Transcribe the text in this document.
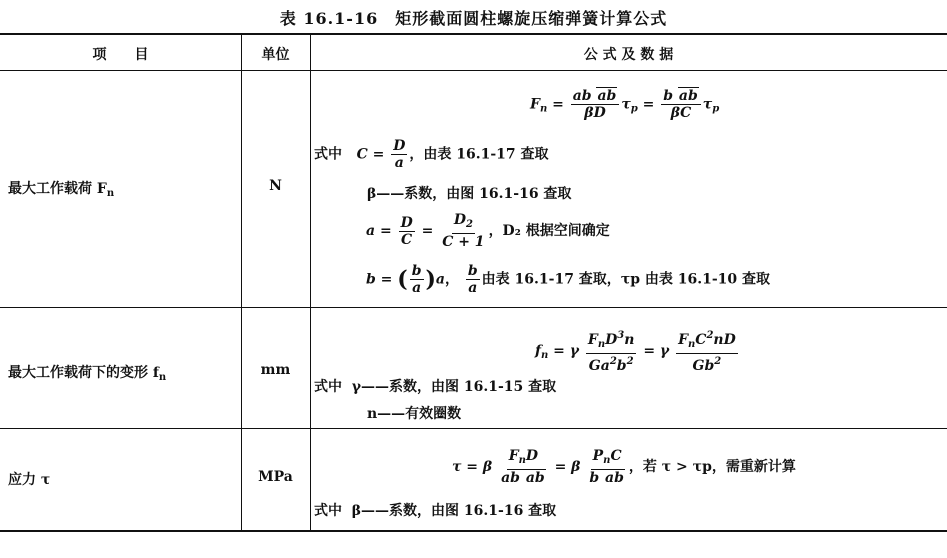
表 16.1-16　矩形截面圆柱螺旋压缩弹簧计算公式
项　　目	单位	公 式 及 数 据
最大工作载荷 $F_n$	N
$F_n = \frac{\text{ab ab}}{\beta D} \tau_p = \frac{\text{b ab}}{\beta C} \tau_p$
式中 $C = \frac{D}{a}$ ，由表 16.1-17 查取
β——系数，由图 16.1-16 查取
$a = \frac{D}{C} = \frac{D_2}{C + 1}$ ，D₂ 根据空间确定
b = ( $\frac{b}{a} )a$， $\frac{b}{a}$ 由表 16.1-17 查取，τp 由表 16.1-10 查取
最大工作载荷下的变形 $f_n$	mm
$f_n = \gamma \frac{F_nD^3n}{Ga^2b^2} = \gamma \frac{F_nC^2nD}{Gb^2}$
式中 γ——系数，由图 16.1-15 查取
n——有效圈数
应力 τ	MPa
τ = β $\frac{F_nD}{\text{ab ab}} = \beta \frac{P_nC}{\text{b ab}}$ ，若 τ > τp，需重新计算
式中 β——系数，由图 16.1-16 查取
